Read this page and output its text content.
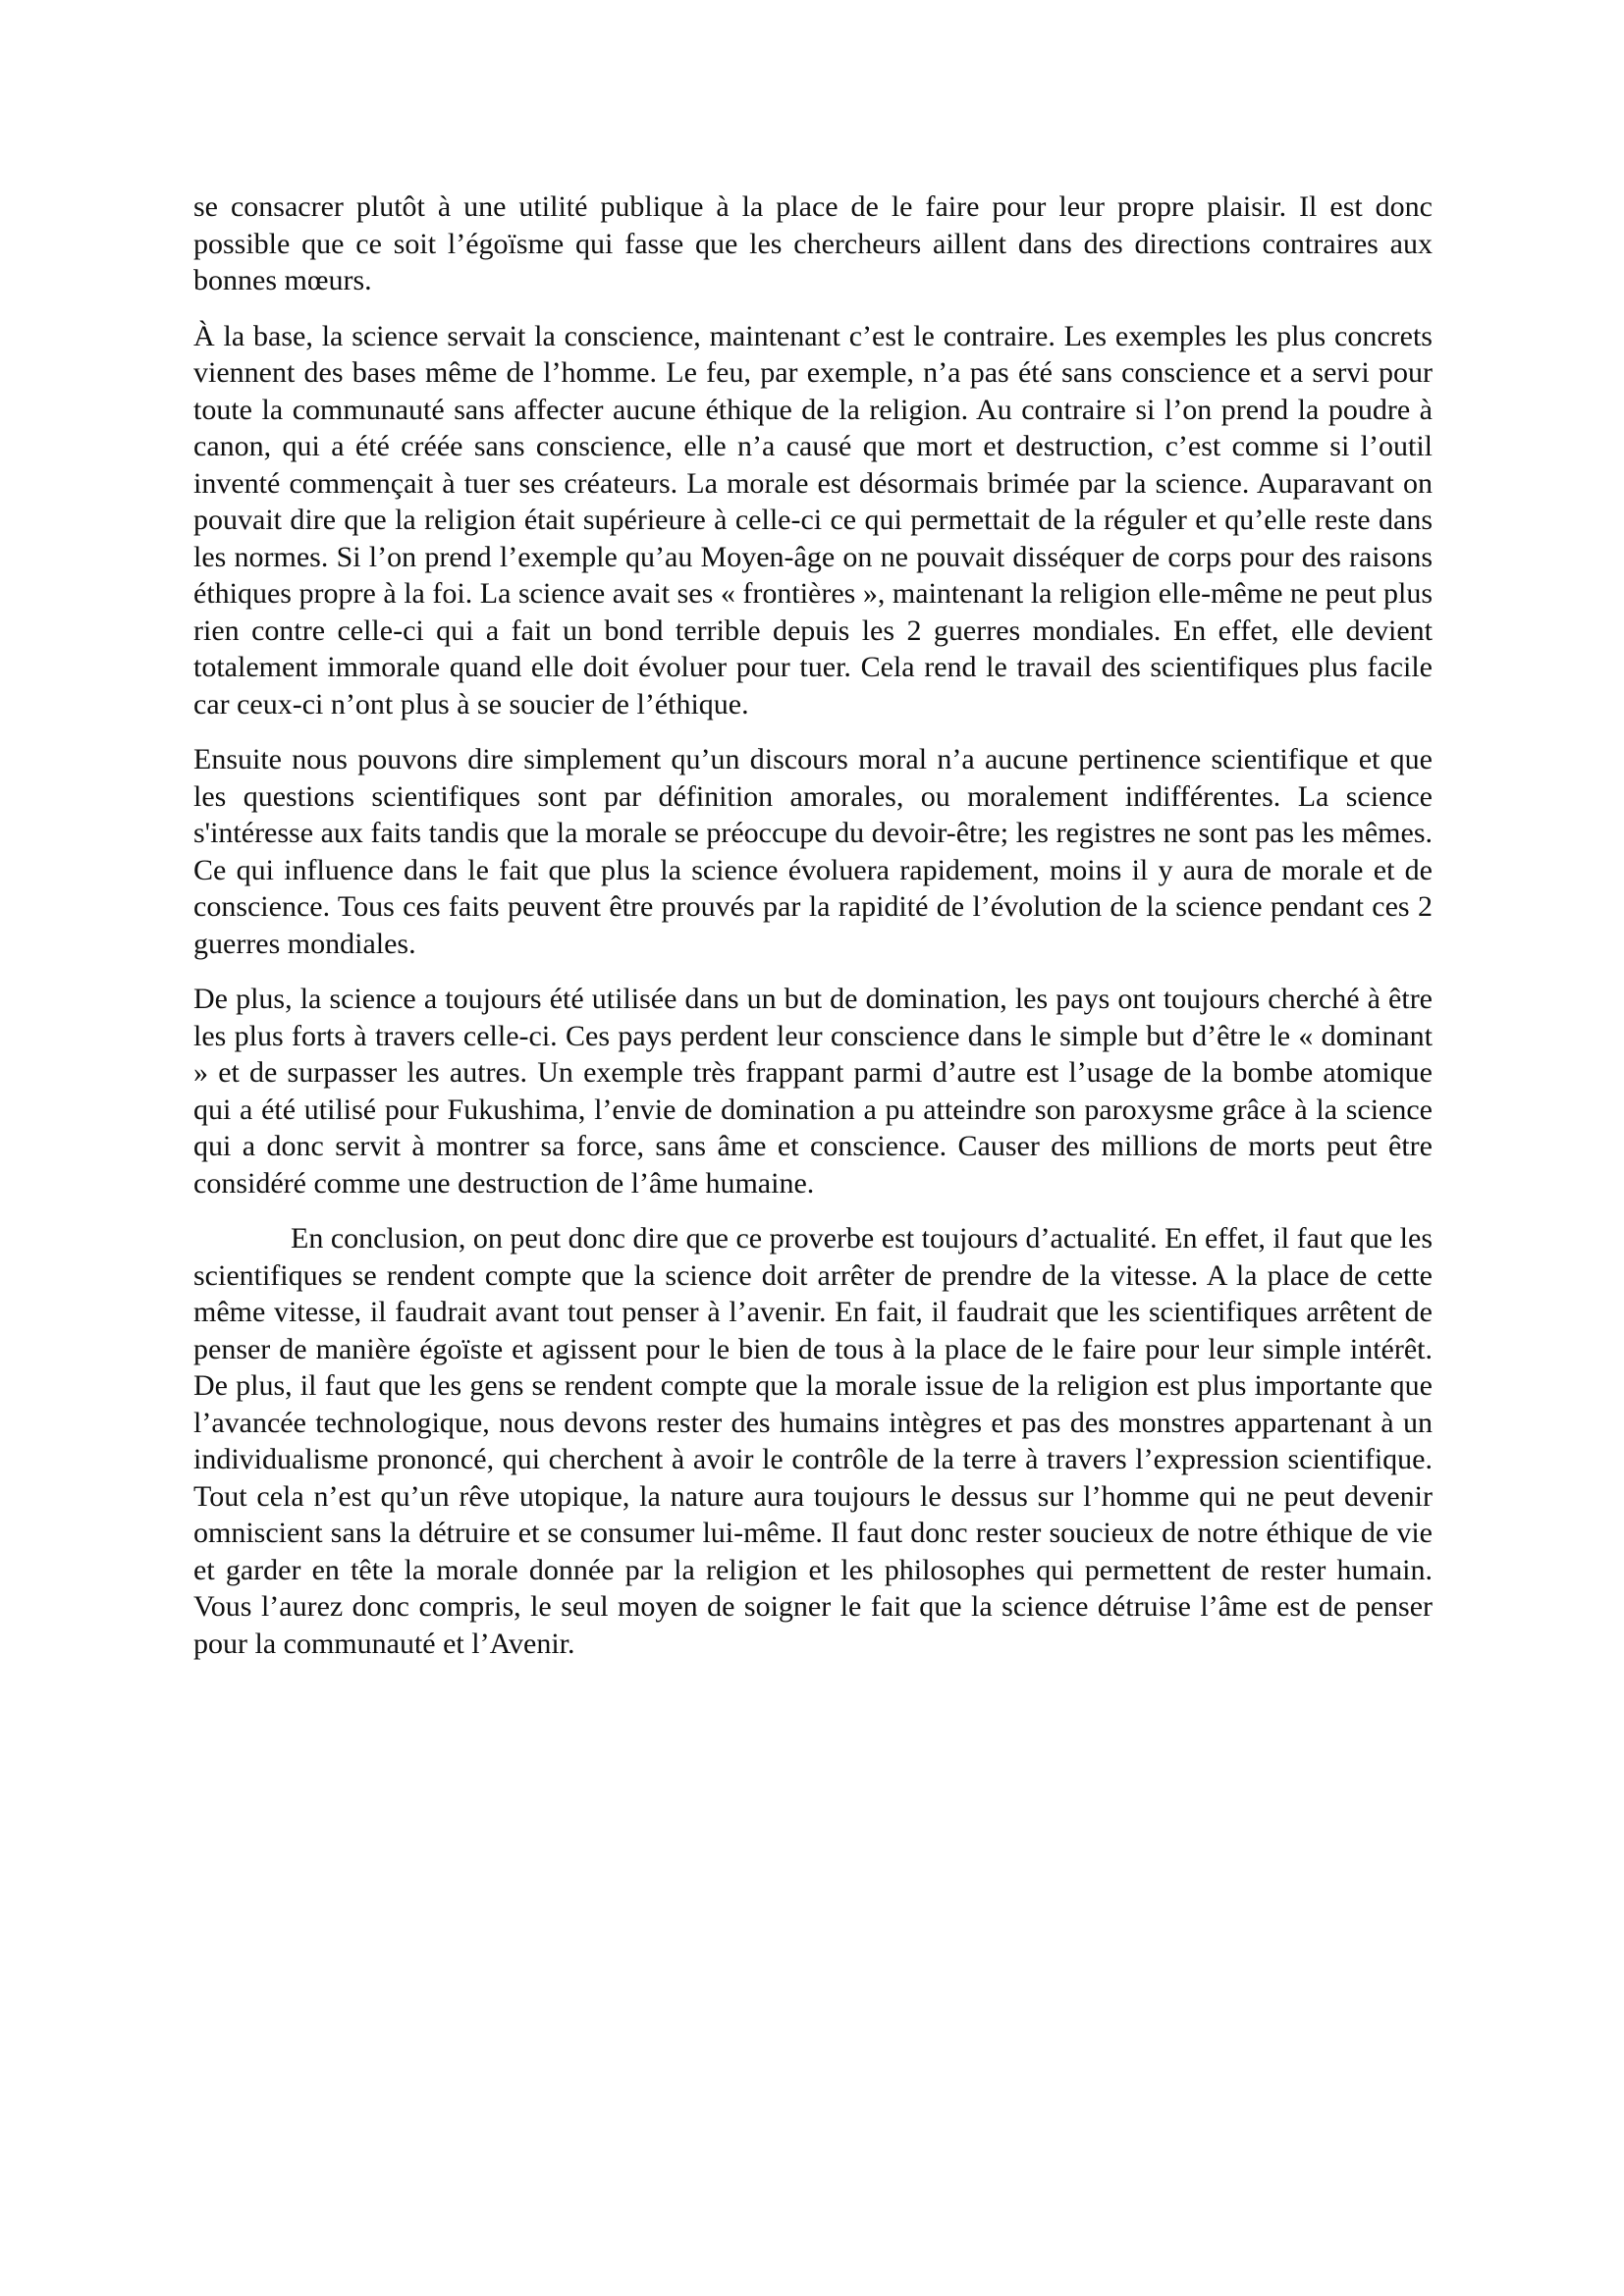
se consacrer plutôt à une utilité publique à la place de le faire pour leur propre plaisir. Il est donc possible que ce soit l’égoïsme qui fasse que les chercheurs aillent dans des directions contraires aux bonnes mœurs.

À la base, la science servait la conscience, maintenant c’est le contraire. Les exemples les plus concrets viennent des bases même de l’homme. Le feu, par exemple, n’a pas été sans conscience et a servi pour toute la communauté sans affecter aucune éthique de la religion. Au contraire si l’on prend la poudre à canon, qui a été créée sans conscience, elle n’a causé que mort et destruction, c’est comme si l’outil inventé commençait à tuer ses créateurs. La morale est désormais brimée par la science. Auparavant on pouvait dire que la religion était supérieure à celle-ci ce qui permettait de la réguler et qu’elle reste dans les normes. Si l’on prend l’exemple qu’au Moyen-âge on ne pouvait disséquer de corps pour des raisons éthiques propre à la foi. La science avait ses « frontières », maintenant la religion elle-même ne peut plus rien contre celle-ci qui a fait un bond terrible depuis les 2 guerres mondiales. En effet, elle devient totalement immorale quand elle doit évoluer pour tuer. Cela rend le travail des scientifiques plus facile car ceux-ci n’ont plus à se soucier de l’éthique.

Ensuite nous pouvons dire simplement qu’un discours moral n’a aucune pertinence scientifique et que les questions scientifiques sont par définition amorales, ou moralement indifférentes. La science s'intéresse aux faits tandis que la morale se préoccupe du devoir-être; les registres ne sont pas les mêmes. Ce qui influence dans le fait que plus la science évoluera rapidement, moins il y aura de morale et de conscience. Tous ces faits peuvent être prouvés par la rapidité de l’évolution de la science pendant ces 2 guerres mondiales.

De plus, la science a toujours été utilisée dans un but de domination, les pays ont toujours cherché à être les plus forts à travers celle-ci. Ces pays perdent leur conscience dans le simple but d’être le « dominant » et de surpasser les autres. Un exemple très frappant parmi d’autre est l’usage de la bombe atomique qui a été utilisé pour Fukushima, l’envie de domination a pu atteindre son paroxysme grâce à la science qui a donc servit à montrer sa force, sans âme et conscience. Causer des millions de morts peut être considéré comme une destruction de l’âme humaine.

En conclusion, on peut donc dire que ce proverbe est toujours d’actualité. En effet, il faut que les scientifiques se rendent compte que la science doit arrêter de prendre de la vitesse. A la place de cette même vitesse, il faudrait avant tout penser à l’avenir. En fait, il faudrait que les scientifiques arrêtent de penser de manière égoïste et agissent pour le bien de tous à la place de le faire pour leur simple intérêt. De plus, il faut que les gens se rendent compte que la morale issue de la religion est plus importante que l’avancée technologique, nous devons rester des humains intègres et pas des monstres appartenant à un individualisme prononcé, qui cherchent à avoir le contrôle de la terre à travers l’expression scientifique. Tout cela n’est qu’un rêve utopique, la nature aura toujours le dessus sur l’homme qui ne peut devenir omniscient sans la détruire et se consumer lui-même. Il faut donc rester soucieux de notre éthique de vie et garder en tête la morale donnée par la religion et les philosophes qui permettent de rester humain. Vous l’aurez donc compris, le seul moyen de soigner le fait que la science détruise l’âme est de penser pour la communauté et l’Avenir.
